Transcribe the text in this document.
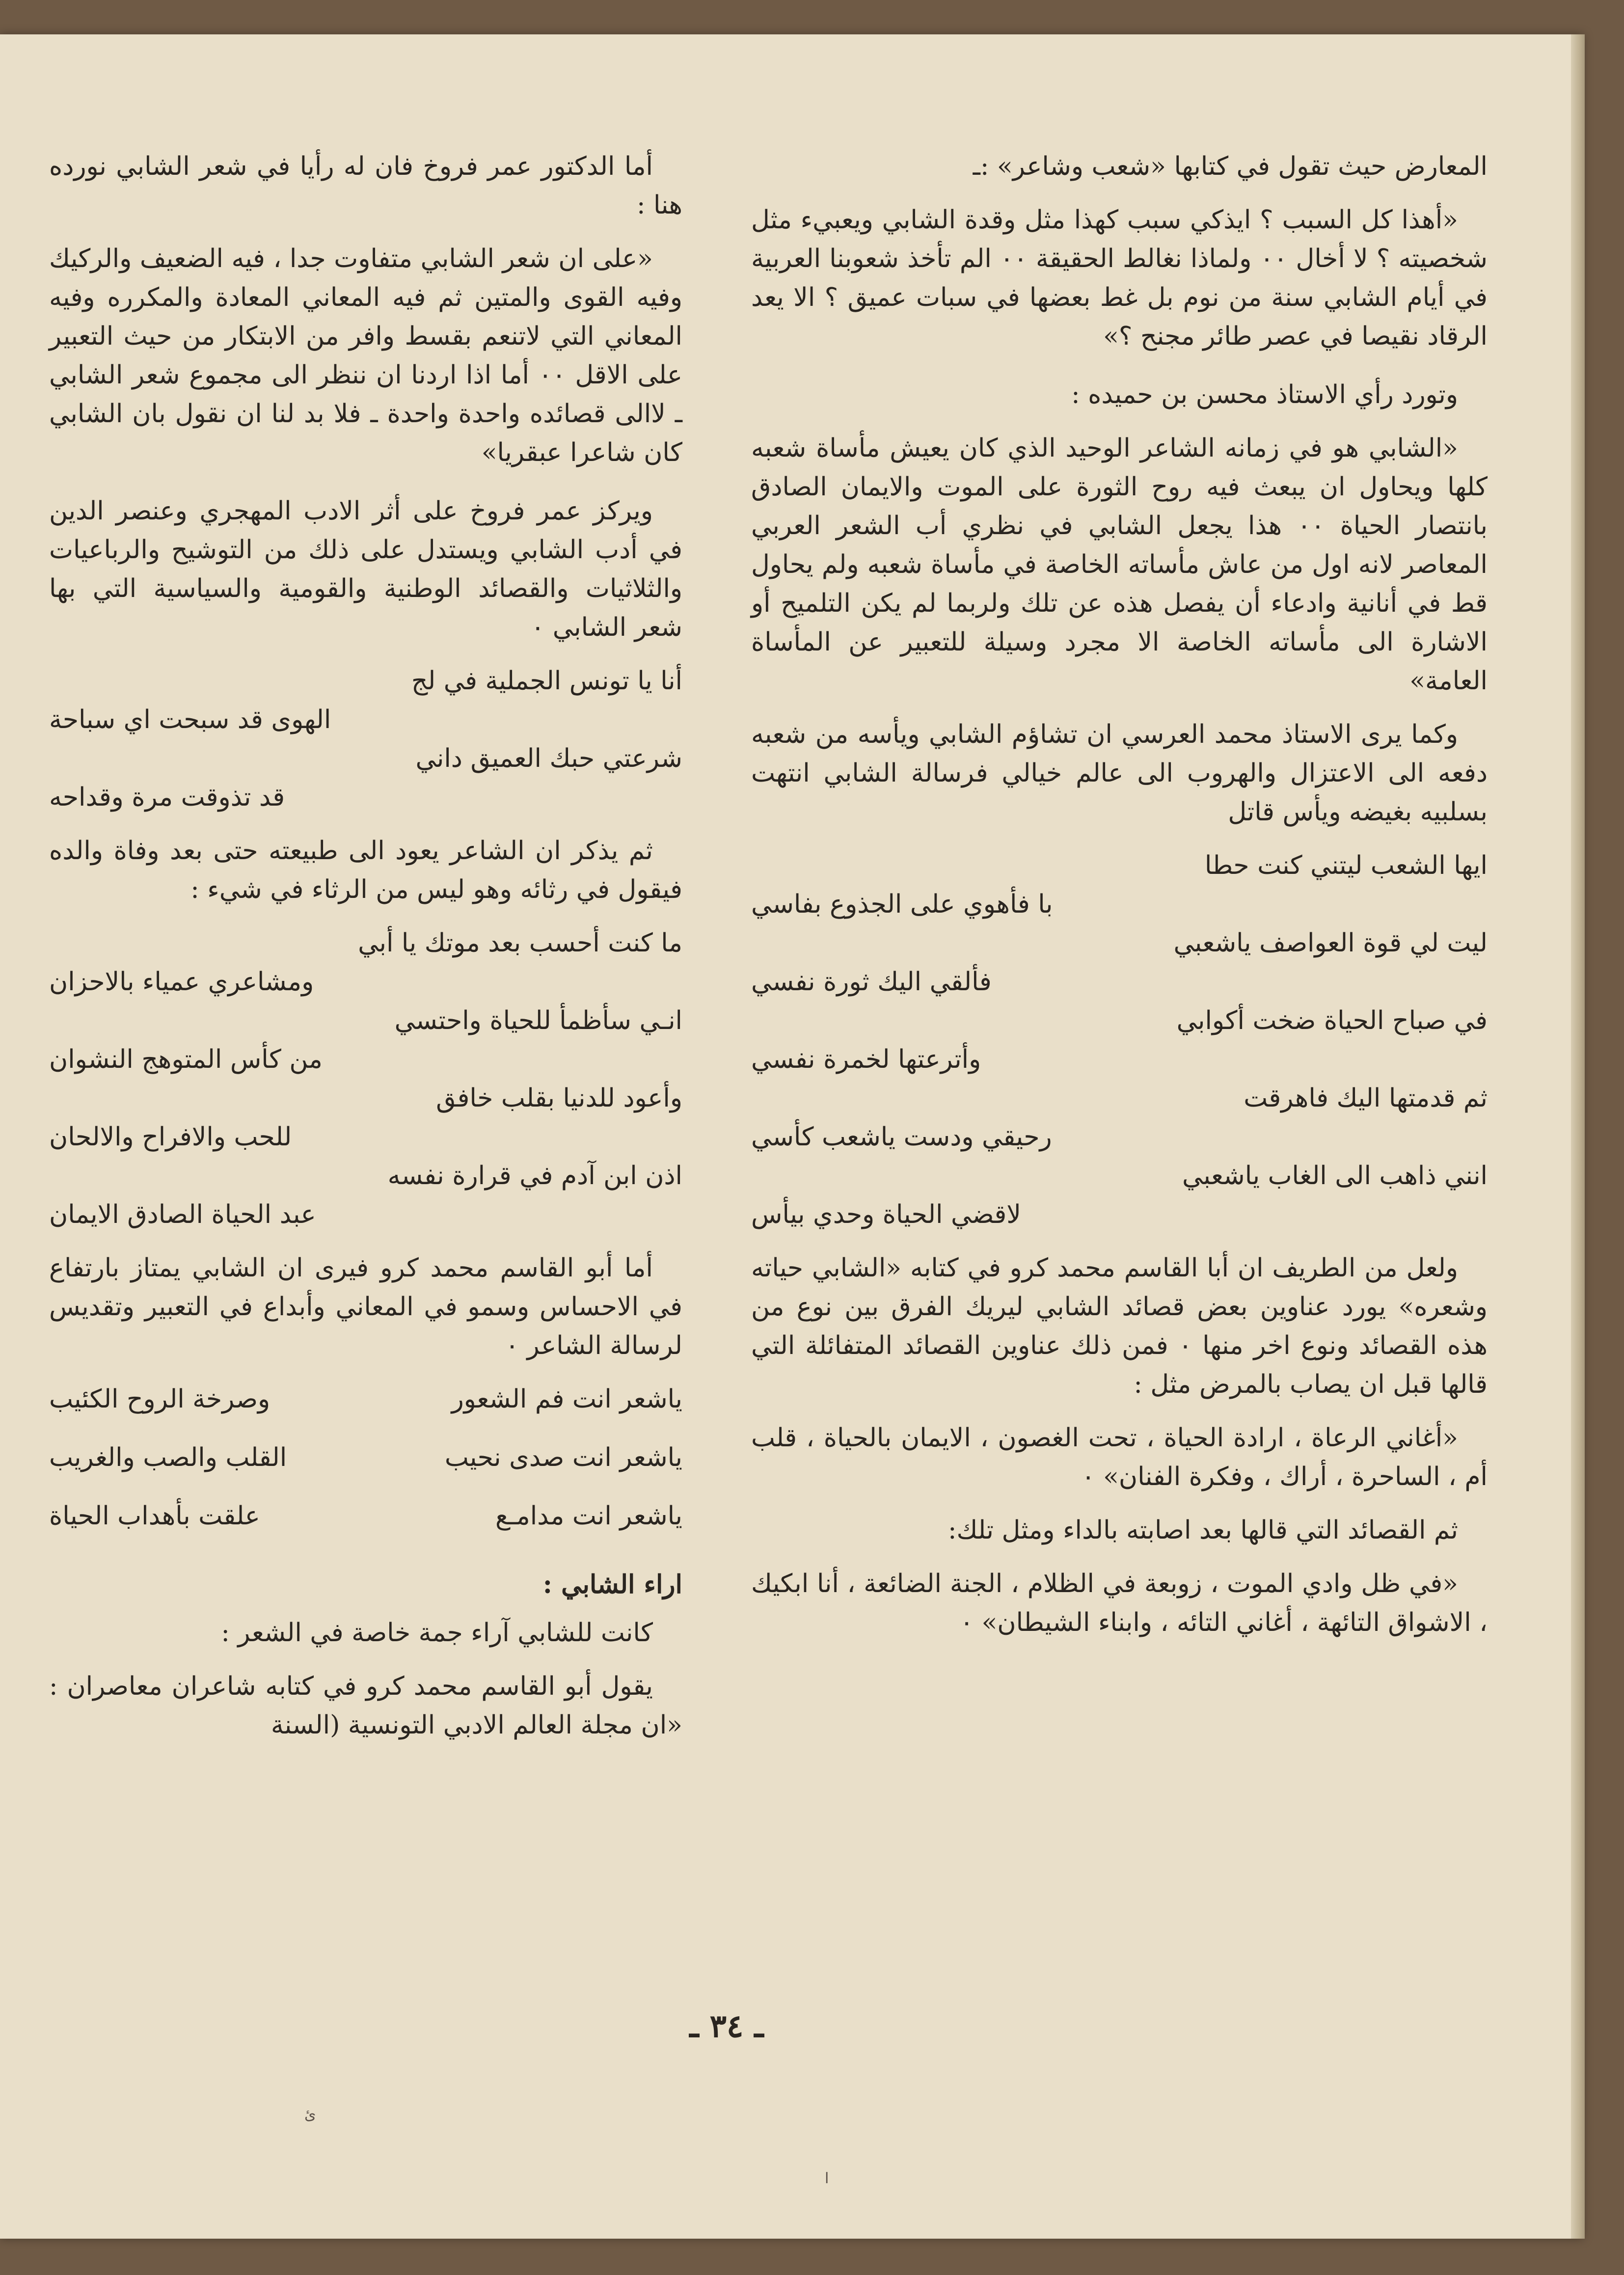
المعارض حيث تقول في كتابها «شعب وشاعر» :ـ

«أهذا كل السبب ؟ ايذكي سبب كهذا مثل وقدة الشابي ويعبيء مثل شخصيته ؟ لا أخال ٠٠ ولماذا نغالط الحقيقة ٠٠ الم تأخذ شعوبنا العربية في أيام الشابي سنة من نوم بل غط بعضها في سبات عميق ؟ الا يعد الرقاد نقيصا في عصر طائر مجنح ؟»

وتورد رأي الاستاذ محسن بن حميده :

«الشابي هو في زمانه الشاعر الوحيد الذي كان يعيش مأساة شعبه كلها ويحاول ان يبعث فيه روح الثورة على الموت والايمان الصادق بانتصار الحياة ٠٠ هذا يجعل الشابي في نظري أب الشعر العربي المعاصر لانه اول من عاش مأساته الخاصة في مأساة شعبه ولم يحاول قط في أنانية وادعاء أن يفصل هذه عن تلك ولربما لم يكن التلميح أو الاشارة الى مأساته الخاصة الا مجرد وسيلة للتعبير عن المأساة العامة»

وكما يرى الاستاذ محمد العرسي ان تشاؤم الشابي ويأسه من شعبه دفعه الى الاعتزال والهروب الى عالم خيالي فرسالة الشابي انتهت بسلبيه بغيضه ويأس قاتل

ايها الشعب ليتني كنت حطا

با فأهوي على الجذوع بفاسي

ليت لي قوة العواصف ياشعبي

فألقي اليك ثورة نفسي

في صباح الحياة ضخت أكوابي

وأترعتها لخمرة نفسي

ثم قدمتها اليك فاهرقت

رحيقي ودست ياشعب كأسي

انني ذاهب الى الغاب ياشعبي

لاقضي الحياة وحدي بيأس

ولعل من الطريف ان أبا القاسم محمد كرو في كتابه «الشابي حياته وشعره» يورد عناوين بعض قصائد الشابي ليريك الفرق بين نوع من هذه القصائد ونوع اخر منها ٠ فمن ذلك عناوين القصائد المتفائلة التي قالها قبل ان يصاب بالمرض مثل :

«أغاني الرعاة ، ارادة الحياة ، تحت الغصون ، الايمان بالحياة ، قلب أم ، الساحرة ، أراك ، وفكرة الفنان» ٠

ثم القصائد التي قالها بعد اصابته بالداء ومثل تلك:

«في ظل وادي الموت ، زوبعة في الظلام ، الجنة الضائعة ، أنا ابكيك ، الاشواق التائهة ، أغاني التائه ، وابناء الشيطان» ٠

أما الدكتور عمر فروخ فان له رأيا في شعر الشابي نورده هنا :

«على ان شعر الشابي متفاوت جدا ، فيه الضعيف والركيك وفيه القوى والمتين ثم فيه المعاني المعادة والمكرره وفيه المعاني التي لاتنعم بقسط وافر من الابتكار من حيث التعبير على الاقل ٠٠ أما اذا اردنا ان ننظر الى مجموع شعر الشابي ـ لاالى قصائده واحدة واحدة ـ فلا بد لنا ان نقول بان الشابي كان شاعرا عبقريا»

ويركز عمر فروخ على أثر الادب المهجري وعنصر الدين في أدب الشابي ويستدل على ذلك من التوشيح والرباعيات والثلاثيات والقصائد الوطنية والقومية والسياسية التي بها شعر الشابي ٠

أنا يا تونس الجملية في لج

الهوى قد سبحت اي سباحة

شرعتي حبك العميق داني

قد تذوقت مرة وقداحه

ثم يذكر ان الشاعر يعود الى طبيعته حتى بعد وفاة والده فيقول في رثائه وهو ليس من الرثاء في شيء :

ما كنت أحسب بعد موتك يا أبي

ومشاعري عمياء بالاحزان

انـي سأظمأ للحياة واحتسي

من كأس المتوهج النشوان

وأعود للدنيا بقلب خافق

للحب والافراح والالحان

اذن ابن آدم في قرارة نفسه

عبد الحياة الصادق الايمان

أما أبو القاسم محمد كرو فيرى ان الشابي يمتاز بارتفاع في الاحساس وسمو في المعاني وأبداع في التعبير وتقديس لرسالة الشاعر ٠

ياشعر انت فم الشعور
وصرخة الروح الكئيب
ياشعر انت صدى نحيب
القلب والصب والغريب
ياشعر انت مدامـع
علقت بأهداب الحياة

اراء الشابي :

كانت للشابي آراء جمة خاصة في الشعر :

يقول أبو القاسم محمد كرو في كتابه شاعران معاصران : «ان مجلة العالم الادبي التونسية (السنة

ـ ٣٤ ـ
ئ
ا
